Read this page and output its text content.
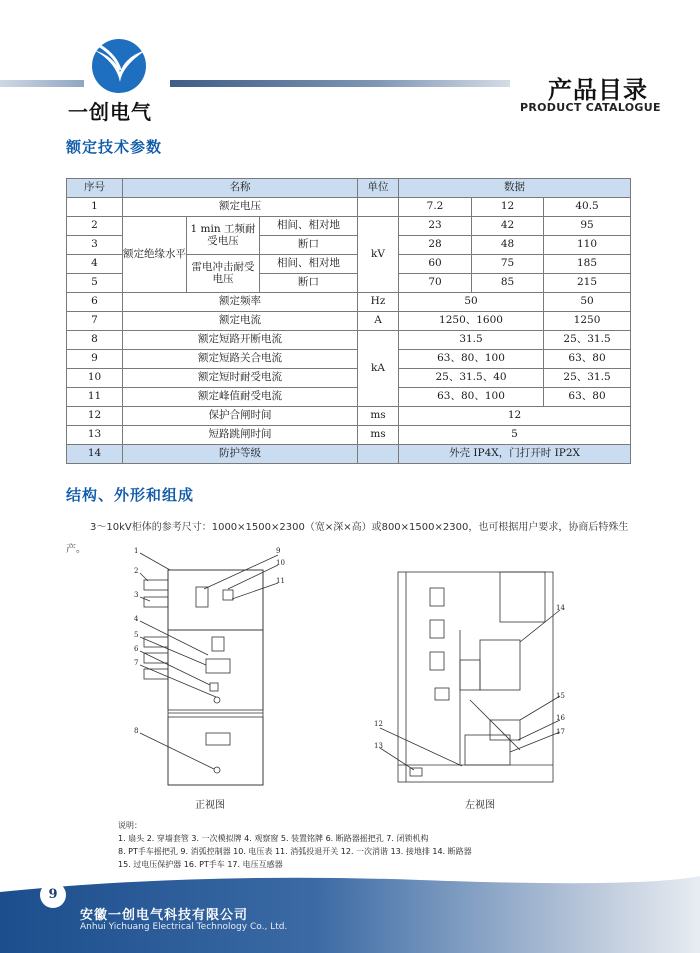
一创电气
产品目录
PRODUCT CATALOGUE
额定技术参数
序号	名称			单位	数据		
1	额定电压				7.2	12	40.5
2	额定绝缘水平	1 min 工频耐受电压	相间、相对地	kV	23	42	95
3			断口		28	48	110
4		雷电冲击耐受电压	相间、相对地		60	75	185
5			断口		70	85	215
6	额定频率			Hz	50		50
7	额定电流			A	1250、1600		1250
8	额定短路开断电流			kA	31.5		25、31.5
9	额定短路关合电流				63、80、100		63、80
10	额定短时耐受电流				25、31.5、40		25、31.5
11	额定峰值耐受电流				63、80、100		63、80
12	保护合闸时间			ms	12		
13	短路跳闸时间			ms	5		
14	防护等级				外壳 IP4X，门打开时 IP2X		
结构、外形和组成
3～10kV柜体的参考尺寸：1000×1500×2300（宽×深×高）或800×1500×2300，也可根据用户要求，协商后特殊生产。	1
2
3
4
5
6
7
8
9
10
11
正视图
12
13
14
15
16
17
左视图
说明：
1. 扇头 2. 穿墙套管 3. 一次模拟牌 4. 观察窗 5. 装置铭牌 6. 断路器摇把孔 7. 闭锁机构
8. PT手车摇把孔 9. 消弧控制器 10. 电压表 11. 消弧投退开关 12. 一次消谐 13. 接地排 14. 断路器
15. 过电压保护器 16. PT手车 17. 电压互感器
9
安徽一创电气科技有限公司
Anhui Yichuang Electrical Technology Co., Ltd.
